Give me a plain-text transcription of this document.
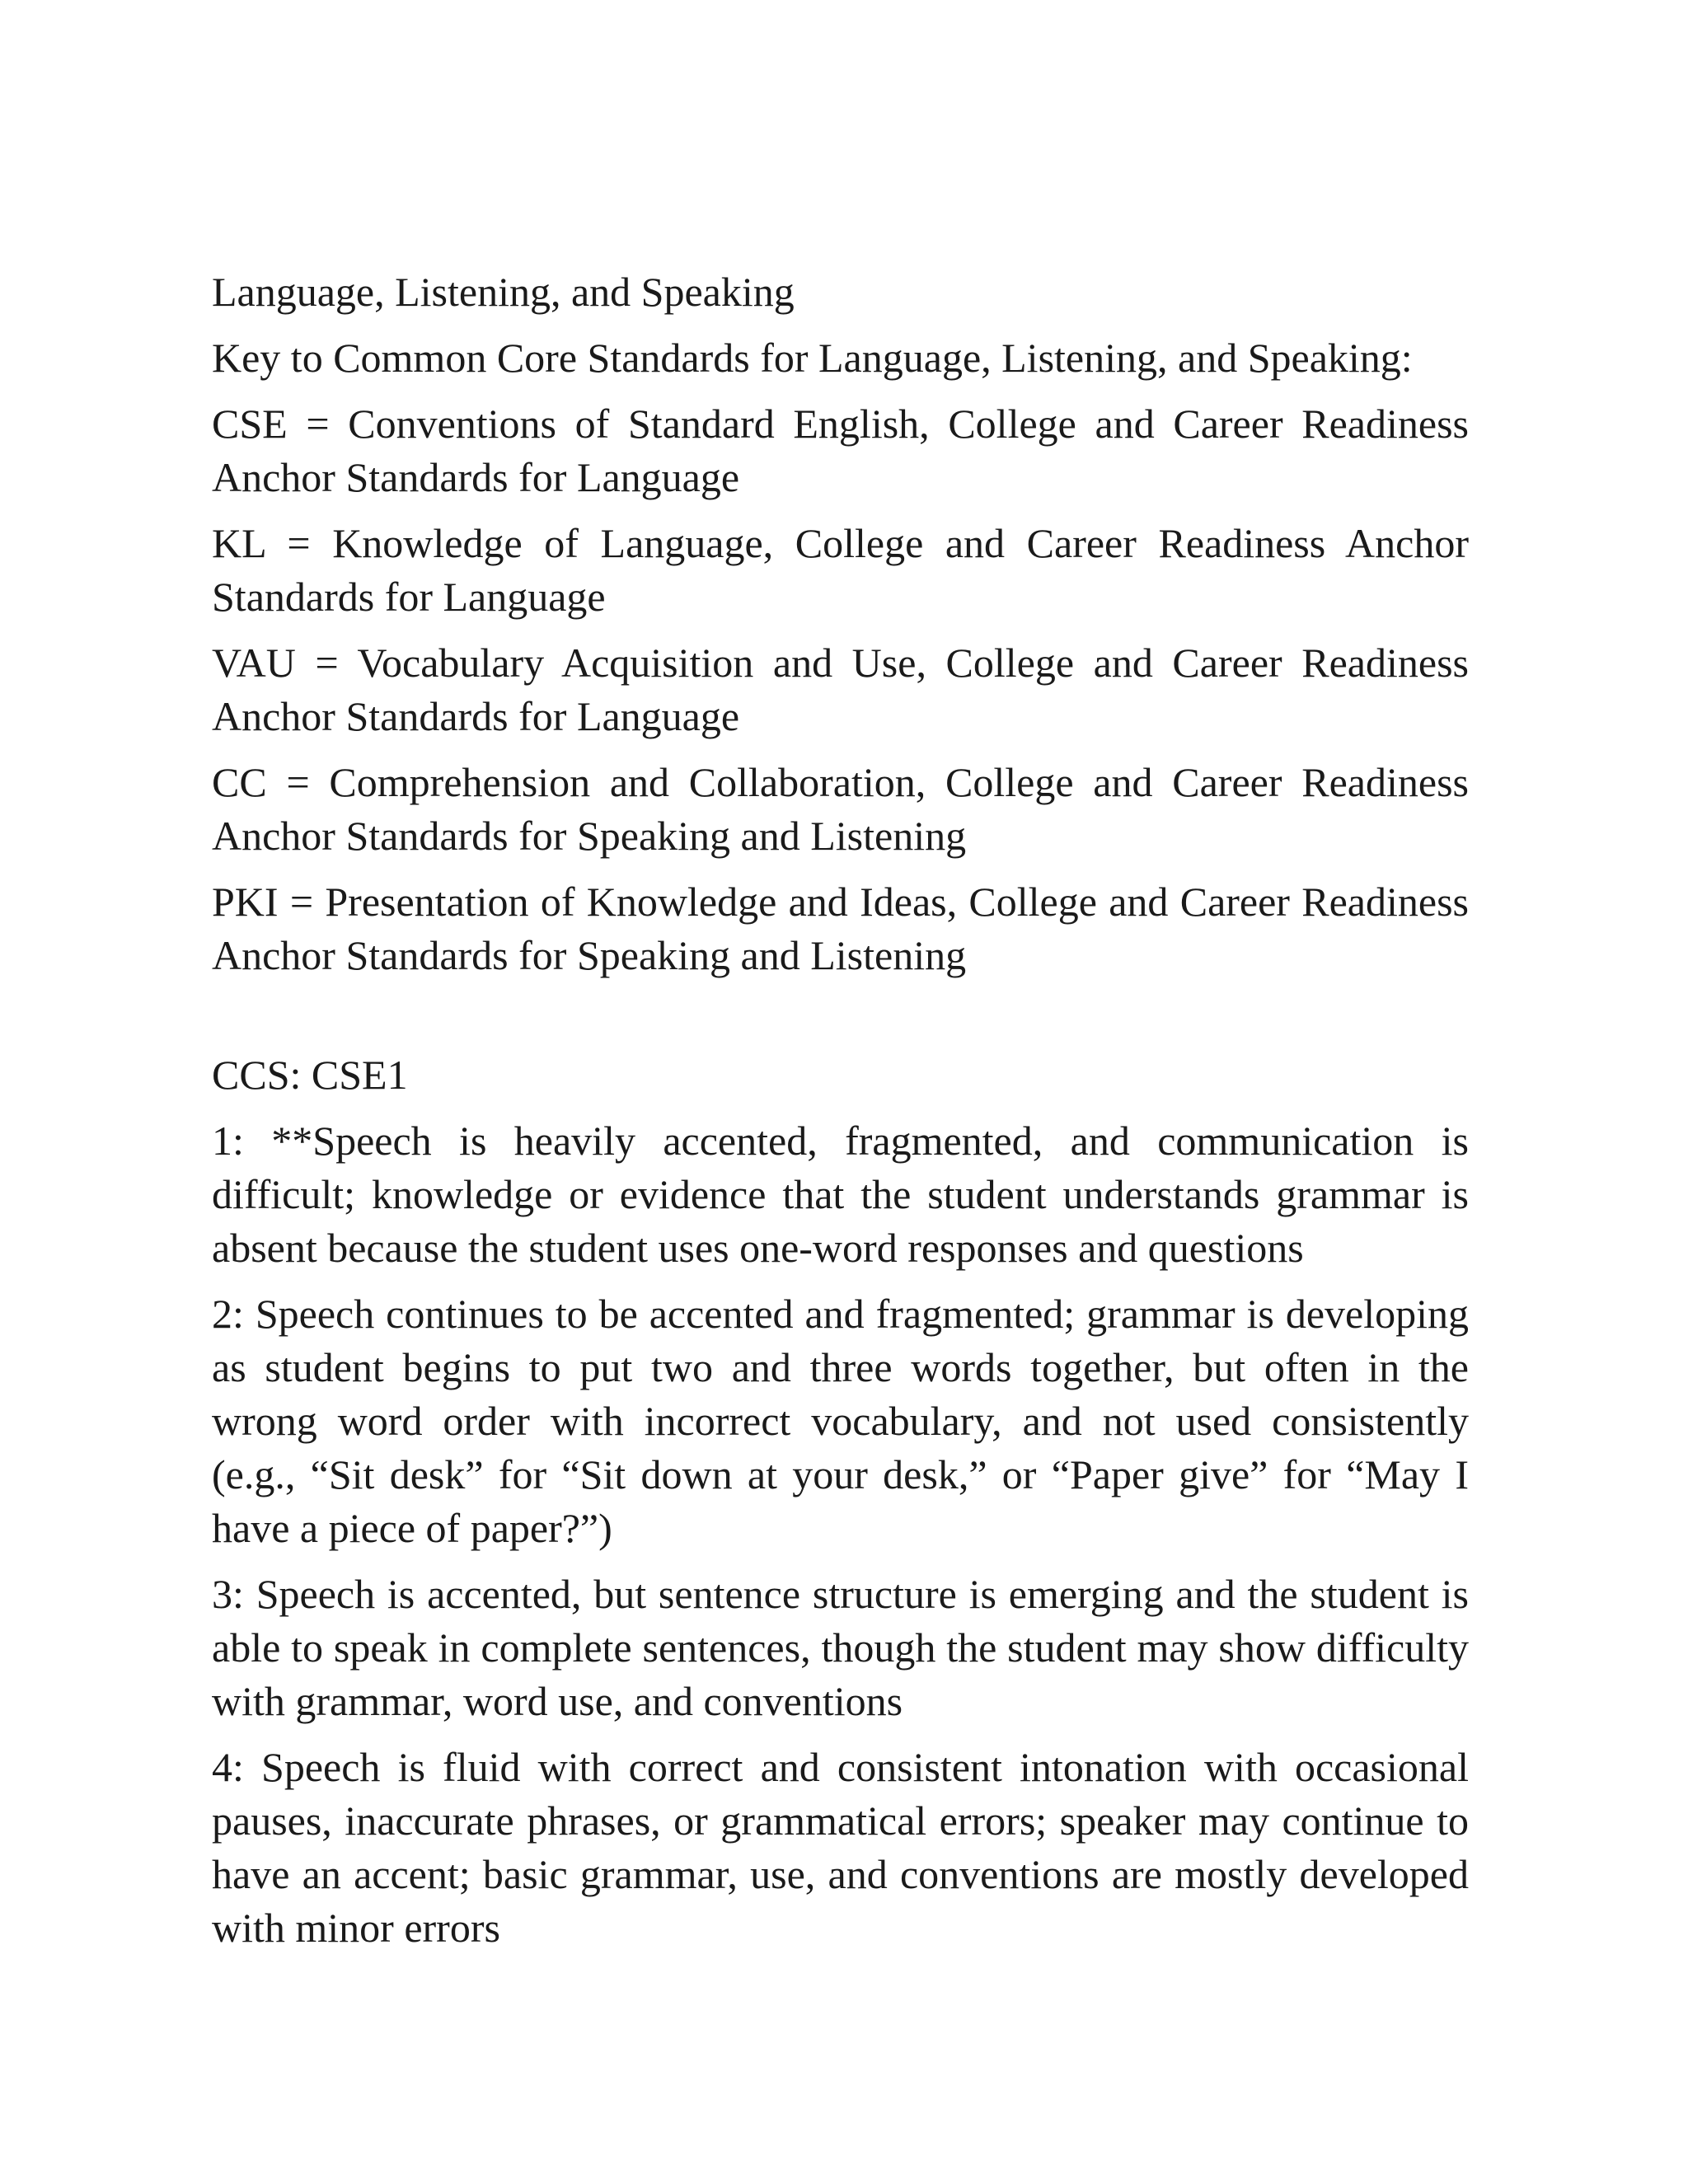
Language, Listening, and Speaking

Key to Common Core Standards for Language, Listening, and Speaking:

CSE = Conventions of Standard English, College and Career Readiness Anchor Standards for Language

KL = Knowledge of Language, College and Career Readiness Anchor Standards for Language

VAU = Vocabulary Acquisition and Use, College and Career Readiness Anchor Standards for Language

CC = Comprehension and Collaboration, College and Career Readiness Anchor Standards for Speaking and Listening

PKI = Presentation of Knowledge and Ideas, College and Career Readiness Anchor Standards for Speaking and Listening

CCS: CSE1

1: **Speech is heavily accented, fragmented, and communication is difficult; knowledge or evidence that the student understands grammar is absent because the student uses one-word responses and questions

2: Speech continues to be accented and fragmented; grammar is developing as student begins to put two and three words together, but often in the wrong word order with incorrect vocabulary, and not used consistently (e.g., “Sit desk” for “Sit down at your desk,” or “Paper give” for “May I have a piece of paper?”)

3: Speech is accented, but sentence structure is emerging and the student is able to speak in complete sentences, though the student may show difficulty with grammar, word use, and conventions

4: Speech is fluid with correct and consistent intonation with occasional pauses, inaccurate phrases, or grammatical errors; speaker may continue to have an accent; basic grammar, use, and conventions are mostly developed with minor errors
